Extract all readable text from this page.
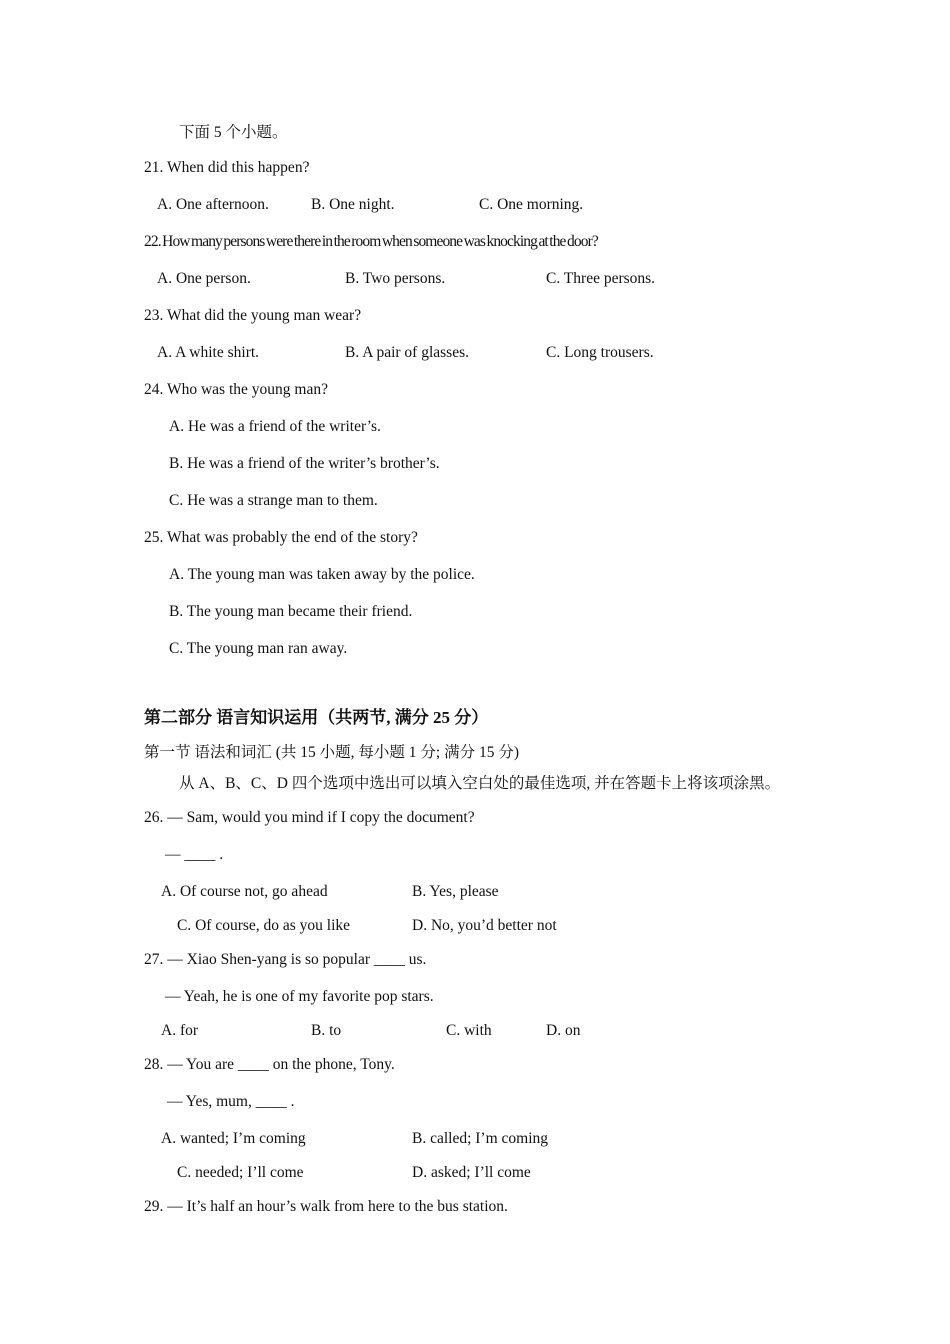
下面 5 个小题。
21. When did this happen?
A. One afternoon.	B. One night.	C. One morning.
22. How many persons were there in the room when someone was knocking at the door?
A. One person.	B. Two persons.	C. Three persons.
23. What did the young man wear?
A. A white shirt.	B. A pair of glasses.	C. Long trousers.
24. Who was the young man?
A. He was a friend of the writer’s.
B. He was a friend of the writer’s brother’s.
C. He was a strange man to them.
25. What was probably the end of the story?
A. The young man was taken away by the police.
B. The young man became their friend.
C. The young man ran away.
第二部分 语言知识运用（共两节, 满分 25 分）
第一节 语法和词汇 (共 15 小题, 每小题 1 分; 满分 15 分)
从 A、B、C、D 四个选项中选出可以填入空白处的最佳选项, 并在答题卡上将该项涂黑。
26. — Sam, would you mind if I copy the document?
— ____ .
A. Of course not, go ahead	B. Yes, please
C. Of course, do as you like	D. No, you’d better not
27. — Xiao Shen-yang is so popular ____ us.
— Yeah, he is one of my favorite pop stars.
A. for	B. to	C. with	D. on
28. — You are ____ on the phone, Tony.
— Yes, mum, ____ .
A. wanted; I’m coming	B. called; I’m coming
C. needed; I’ll come	D. asked; I’ll come
29. — It’s half an hour’s walk from here to the bus station.
